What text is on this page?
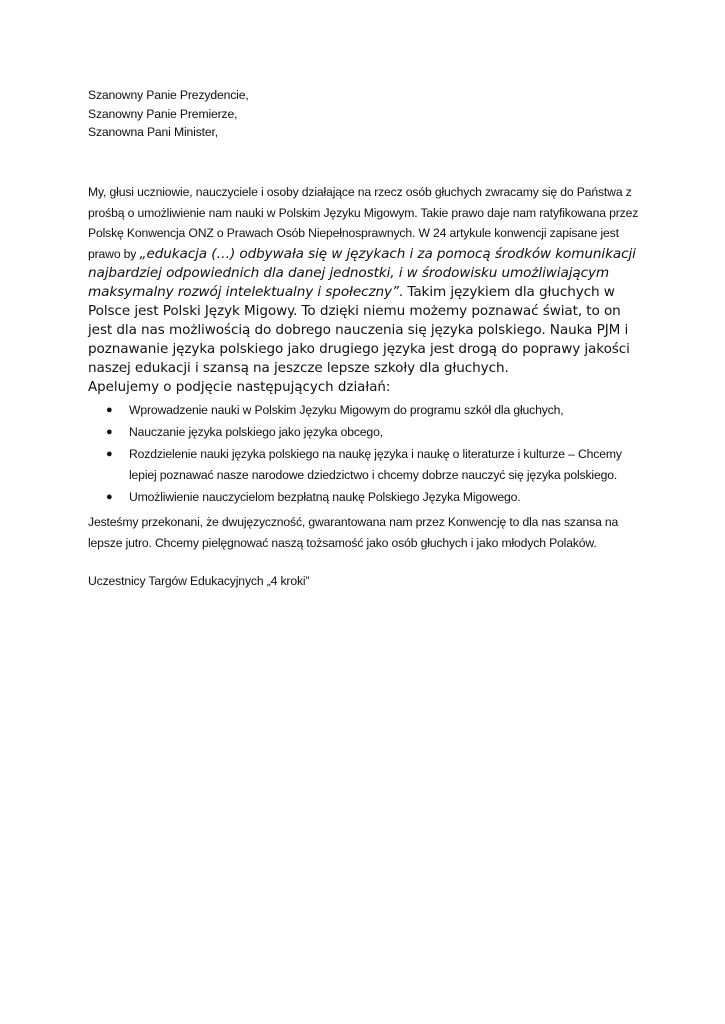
Szanowny Panie Prezydencie,
Szanowny Panie Premierze,
Szanowna Pani Minister,
My, głusi uczniowie, nauczyciele i osoby działające na rzecz osób głuchych zwracamy się do Państwa z prośbą o umożliwienie nam nauki w Polskim Języku Migowym. Takie prawo daje nam ratyfikowana przez Polskę Konwencja ONZ o Prawach Osób Niepełnosprawnych. W 24 artykule konwencji zapisane jest prawo by „edukacja (…) odbywała się w językach i za pomocą środków komunikacji najbardziej odpowiednich dla danej jednostki, i w środowisku umożliwiającym maksymalny rozwój intelektualny i społeczny”. Takim językiem dla głuchych w Polsce jest Polski Język Migowy. To dzięki niemu możemy poznawać świat, to on jest dla nas możliwością do dobrego nauczenia się języka polskiego. Nauka PJM i poznawanie języka polskiego jako drugiego języka jest drogą do poprawy jakości naszej edukacji i szansą na jeszcze lepsze szkoły dla głuchych.
Apelujemy o podjęcie następujących działań:
● Wprowadzenie nauki w Polskim Języku Migowym do programu szkół dla głuchych,
● Nauczanie języka polskiego jako języka obcego,
● Rozdzielenie nauki języka polskiego na naukę języka i naukę o literaturze i kulturze – Chcemy lepiej poznawać nasze narodowe dziedzictwo i chcemy dobrze nauczyć się języka polskiego.
● Umożliwienie nauczycielom bezpłatną naukę Polskiego Języka Migowego.
Jesteśmy przekonani, że dwujęzyczność, gwarantowana nam przez Konwencję to dla nas szansa na lepsze jutro. Chcemy pielęgnować naszą tożsamość jako osób głuchych i jako młodych Polaków.
Uczestnicy Targów Edukacyjnych „4 kroki”
